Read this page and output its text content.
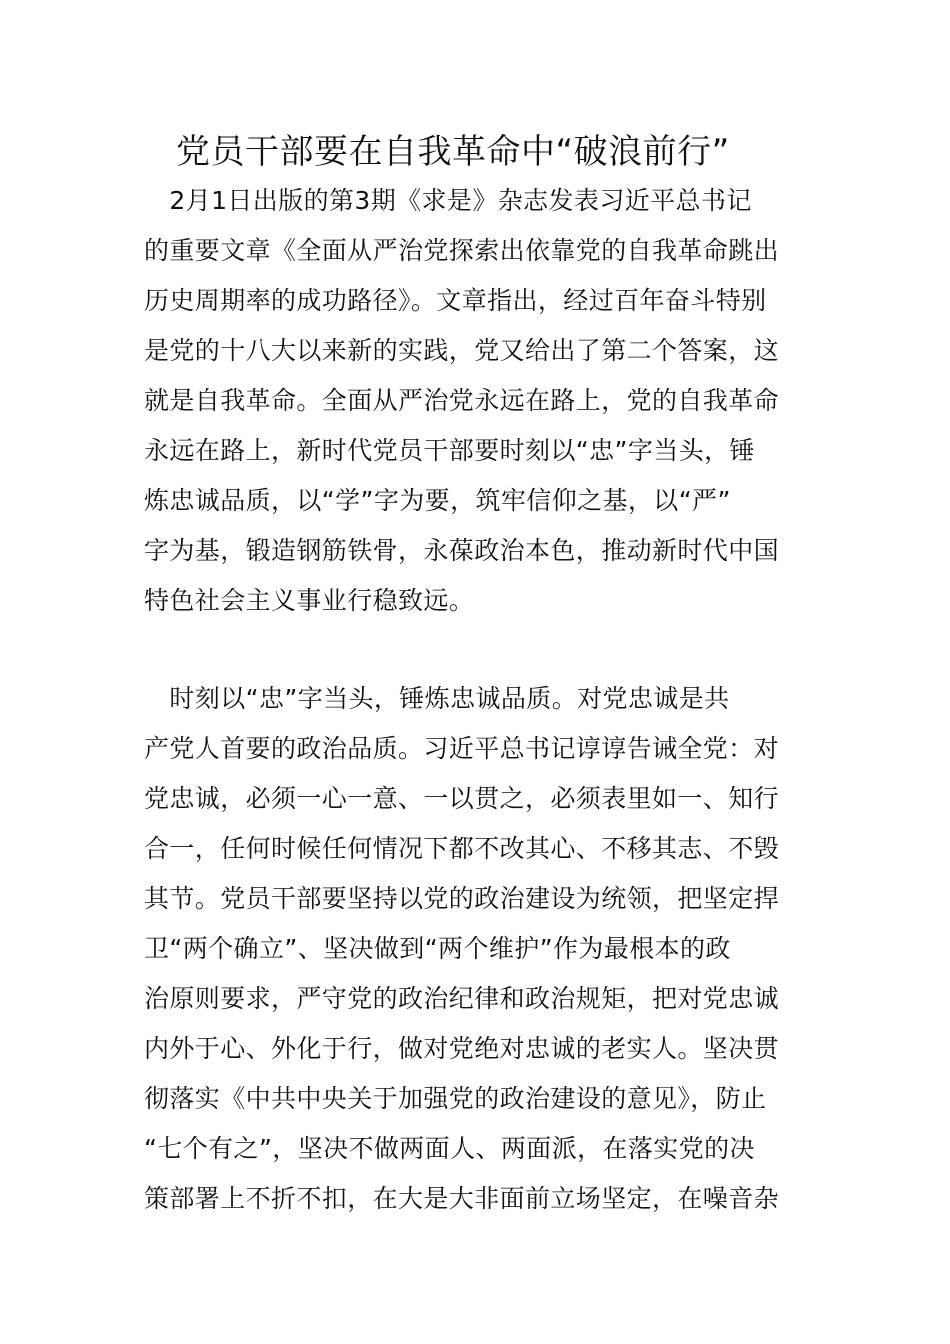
党员干部要在自我革命中“破浪前行”
　2月1日出版的第3期《求是》杂志发表习近平总书记
的重要文章《全面从严治党探索出依靠党的自我革命跳出
历史周期率的成功路径》。文章指出，经过百年奋斗特别
是党的十八大以来新的实践，党又给出了第二个答案，这
就是自我革命。全面从严治党永远在路上，党的自我革命
永远在路上，新时代党员干部要时刻以“忠”字当头，锤
炼忠诚品质，以“学”字为要，筑牢信仰之基，以“严”
字为基，锻造钢筋铁骨，永葆政治本色，推动新时代中国
特色社会主义事业行稳致远。
　时刻以“忠”字当头，锤炼忠诚品质。对党忠诚是共
产党人首要的政治品质。习近平总书记谆谆告诫全党：对
党忠诚，必须一心一意、一以贯之，必须表里如一、知行
合一，任何时候任何情况下都不改其心、不移其志、不毁
其节。党员干部要坚持以党的政治建设为统领，把坚定捍
卫“两个确立”、坚决做到“两个维护”作为最根本的政
治原则要求，严守党的政治纪律和政治规矩，把对党忠诚
内外于心、外化于行，做对党绝对忠诚的老实人。坚决贯
彻落实《中共中央关于加强党的政治建设的意见》，防止
“七个有之”，坚决不做两面人、两面派，在落实党的决
策部署上不折不扣，在大是大非面前立场坚定，在噪音杂
